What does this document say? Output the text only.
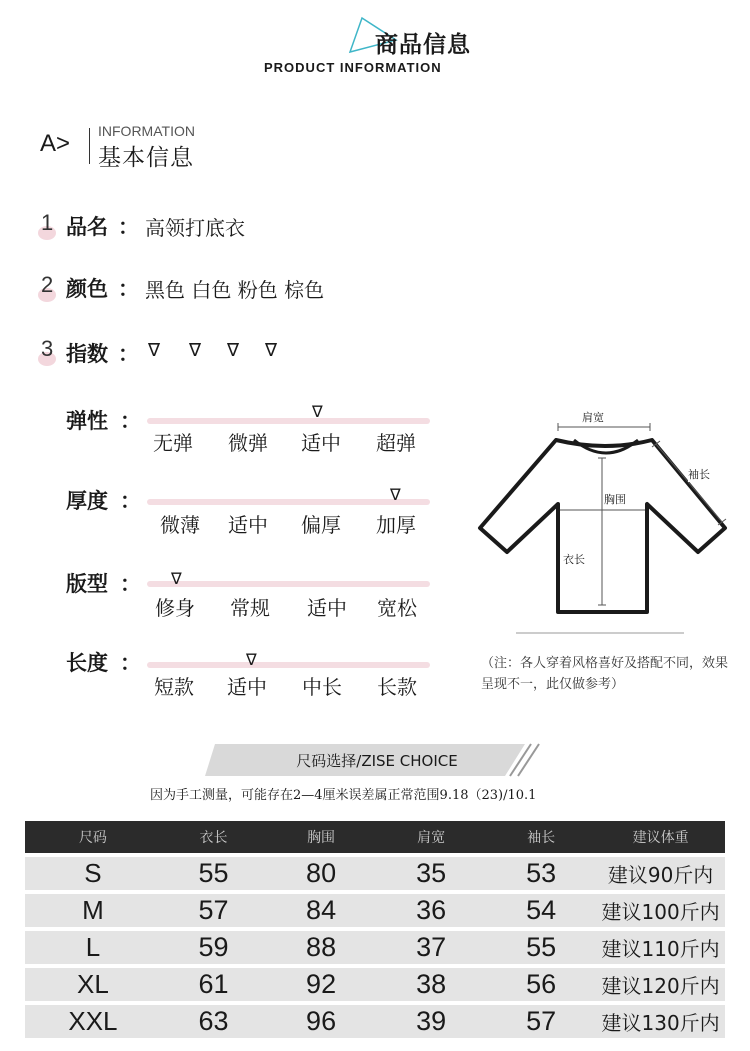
商品信息
PRODUCT INFORMATION
A> INFORMATION
基本信息
1 品名 ： 高领打底衣
2 颜色 ： 黑色 白色 粉色 棕色
3 指数 ： ∇ ∇ ∇ ∇
弹性 ：	∇
无弹 微弹 适中 超弹
厚度 ：	∇
微薄 适中 偏厚 加厚
版型 ： ∇
修身 常规 适中 宽松
长度 ：	∇
短款 适中 中长 长款
肩宽
袖长
胸围
衣长
（注：各人穿着风格喜好及搭配不同，效果呈现不一，此仅做参考）
尺码选择/ZISE CHOICE
因为手工测量，可能存在2—4厘米误差属正常范围9.18（23)/10.1
尺码	衣长	胸围	肩宽	袖长	建议体重
S	55	80	35	53	建议90斤内
M	57	84	36	54	建议100斤内
L	59	88	37	55	建议110斤内
XL	61	92	38	56	建议120斤内
XXL	63	96	39	57	建议130斤内
